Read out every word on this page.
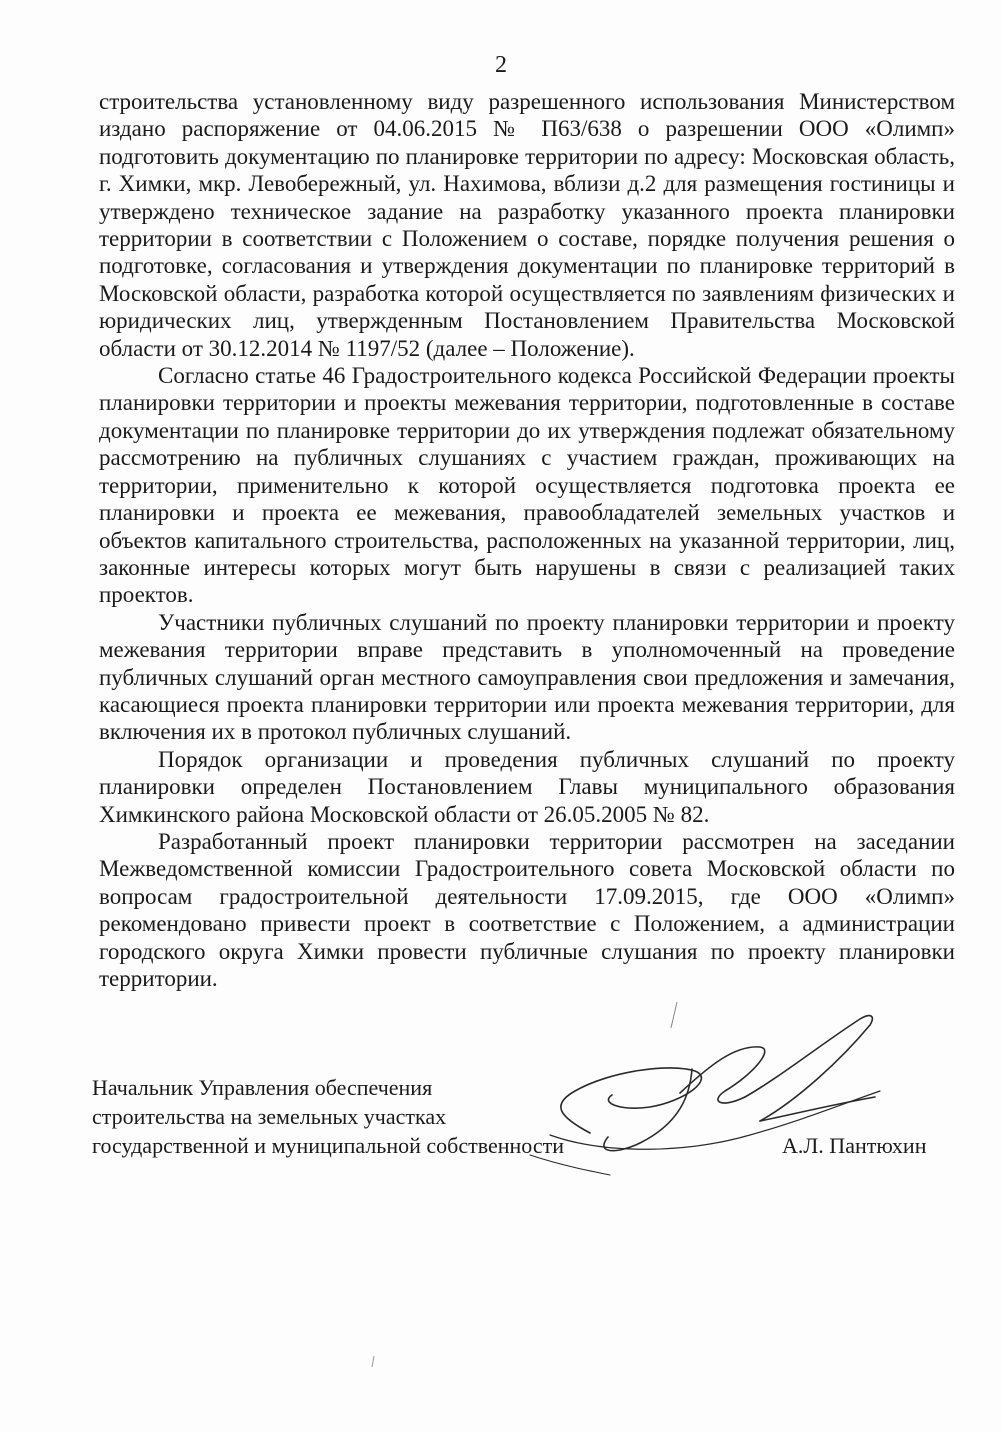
2

строительства установленному виду разрешенного использования Министерством издано распоряжение от 04.06.2015 № П63/638 о разрешении ООО «Олимп» подготовить документацию по планировке территории по адресу: Московская область, г. Химки, мкр. Левобережный, ул. Нахимова, вблизи д.2 для размещения гостиницы и утверждено техническое задание на разработку указанного проекта планировки территории в соответствии с Положением о составе, порядке получения решения о подготовке, согласования и утверждения документации по планировке территорий в Московской области, разработка которой осуществляется по заявлениям физических и юридических лиц, утвержденным Постановлением Правительства Московской области от 30.12.2014 № 1197/52 (далее – Положение).

Согласно статье 46 Градостроительного кодекса Российской Федерации проекты планировки территории и проекты межевания территории, подготовленные в составе документации по планировке территории до их утверждения подлежат обязательному рассмотрению на публичных слушаниях с участием граждан, проживающих на территории, применительно к которой осуществляется подготовка проекта ее планировки и проекта ее межевания, правообладателей земельных участков и объектов капитального строительства, расположенных на указанной территории, лиц, законные интересы которых могут быть нарушены в связи с реализацией таких проектов.

Участники публичных слушаний по проекту планировки территории и проекту межевания территории вправе представить в уполномоченный на проведение публичных слушаний орган местного самоуправления свои предложения и замечания, касающиеся проекта планировки территории или проекта межевания территории, для включения их в протокол публичных слушаний.

Порядок организации и проведения публичных слушаний по проекту планировки определен Постановлением Главы муниципального образования Химкинского района Московской области от 26.05.2005 № 82.

Разработанный проект планировки территории рассмотрен на заседании Межведомственной комиссии Градостроительного совета Московской области по вопросам градостроительной деятельности 17.09.2015, где ООО «Олимп» рекомендовано привести проект в соответствие с Положением, а администрации городского округа Химки провести публичные слушания по проекту планировки территории.

Начальник Управления обеспечения
строительства на земельных участках
государственной и муниципальной собственности	А.Л. Пантюхин
